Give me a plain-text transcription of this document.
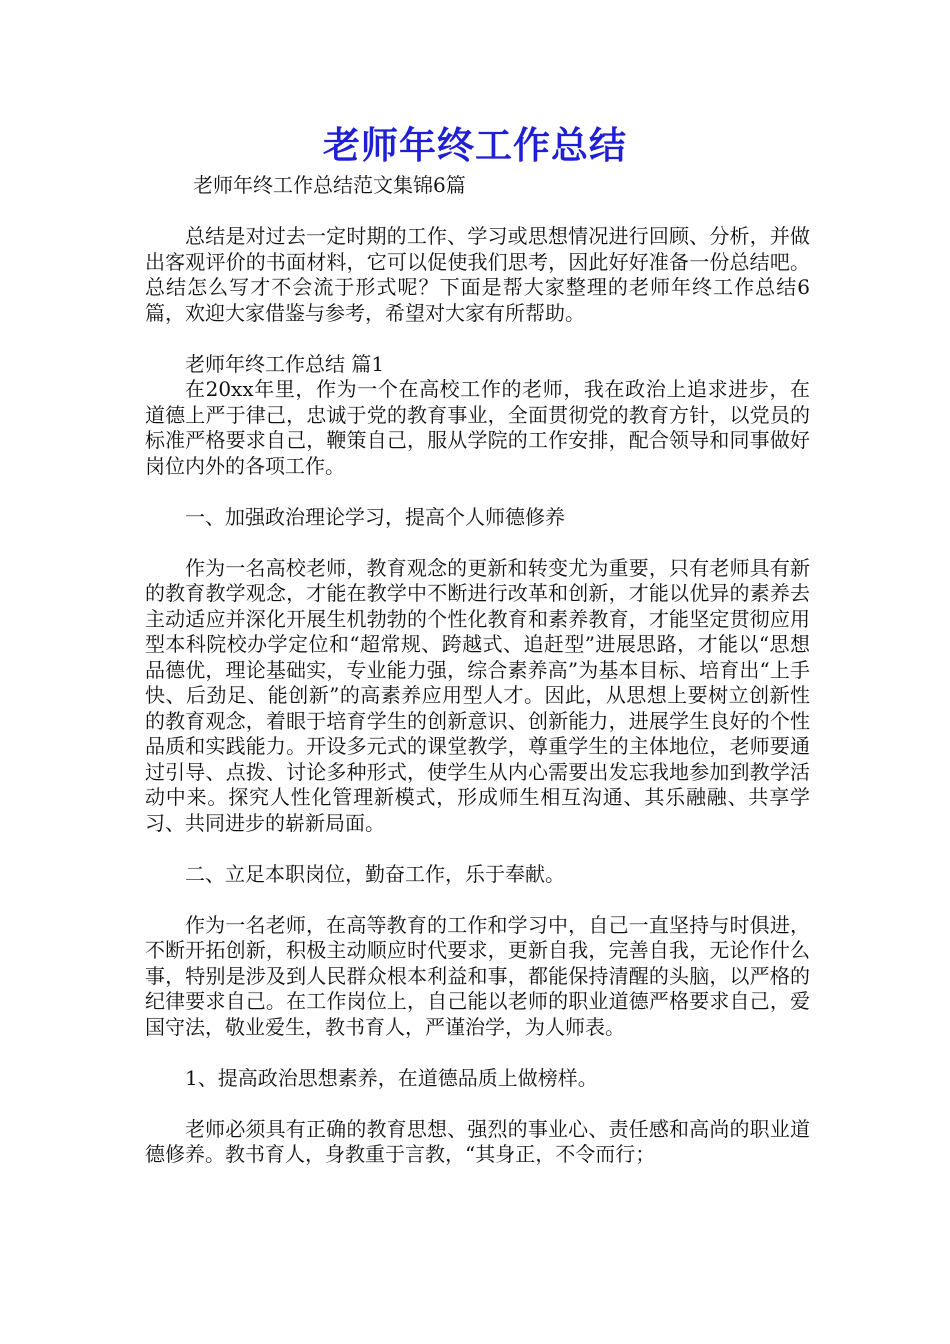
老师年终工作总结
老师年终工作总结范文集锦6篇

总结是对过去一定时期的工作、学习或思想情况进行回顾、分析，并做出客观评价的书面材料，它可以促使我们思考，因此好好准备一份总结吧。总结怎么写才不会流于形式呢？下面是帮大家整理的老师年终工作总结6篇，欢迎大家借鉴与参考，希望对大家有所帮助。

老师年终工作总结 篇1

在20xx年里，作为一个在高校工作的老师，我在政治上追求进步，在道德上严于律己，忠诚于党的教育事业，全面贯彻党的教育方针，以党员的标准严格要求自己，鞭策自己，服从学院的工作安排，配合领导和同事做好岗位内外的各项工作。

一、加强政治理论学习，提高个人师德修养

作为一名高校老师，教育观念的更新和转变尤为重要，只有老师具有新的教育教学观念，才能在教学中不断进行改革和创新，才能以优异的素养去主动适应并深化开展生机勃勃的个性化教育和素养教育，才能坚定贯彻应用型本科院校办学定位和“超常规、跨越式、追赶型”进展思路，才能以“思想品德优，理论基础实，专业能力强，综合素养高”为基本目标、培育出“上手快、后劲足、能创新”的高素养应用型人才。因此，从思想上要树立创新性的教育观念，着眼于培育学生的创新意识、创新能力，进展学生良好的个性品质和实践能力。开设多元式的课堂教学，尊重学生的主体地位，老师要通过引导、点拨、讨论多种形式，使学生从内心需要出发忘我地参加到教学活动中来。探究人性化管理新模式，形成师生相互沟通、其乐融融、共享学习、共同进步的崭新局面。

二、立足本职岗位，勤奋工作，乐于奉献。

作为一名老师，在高等教育的工作和学习中，自己一直坚持与时俱进，不断开拓创新，积极主动顺应时代要求，更新自我，完善自我，无论作什么事，特别是涉及到人民群众根本利益和事，都能保持清醒的头脑，以严格的纪律要求自己。在工作岗位上，自己能以老师的职业道德严格要求自己，爱国守法，敬业爱生，教书育人，严谨治学，为人师表。

1、提高政治思想素养，在道德品质上做榜样。

老师必须具有正确的教育思想、强烈的事业心、责任感和高尚的职业道德修养。教书育人，身教重于言教，“其身正，不令而行；
